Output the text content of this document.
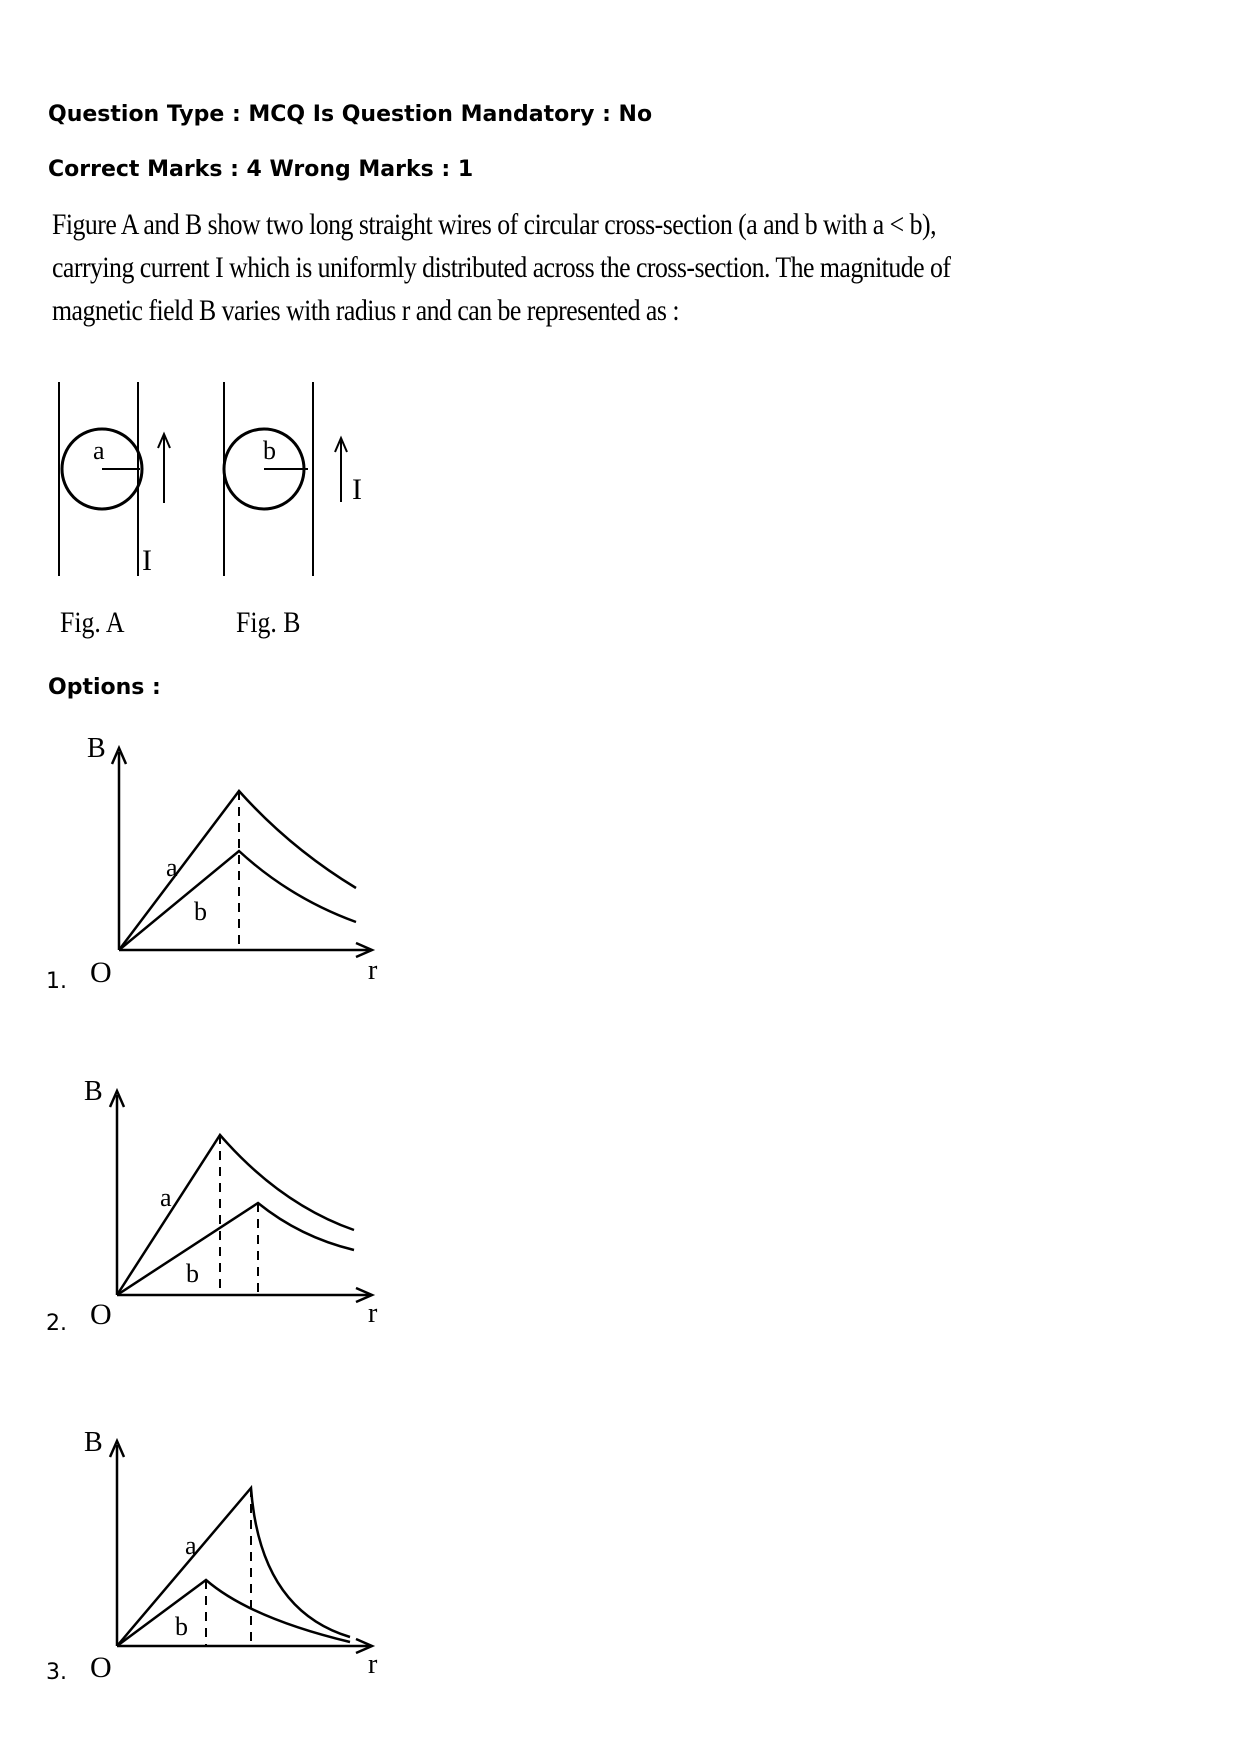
Question Type : MCQ Is Question Mandatory : No
Correct Marks : 4 Wrong Marks : 1
Figure A and B show two long straight wires of circular cross-section (a and b with a < b),
carrying current I which is uniformly distributed across the cross-section. The magnitude of
magnetic field B varies with radius r and can be represented as :
a
I
Fig. A
b
I
Fig. B
Options :
1.
B
r
O
a
b
2.
B
r
O
a
b
3.
B
r
O
a
b
